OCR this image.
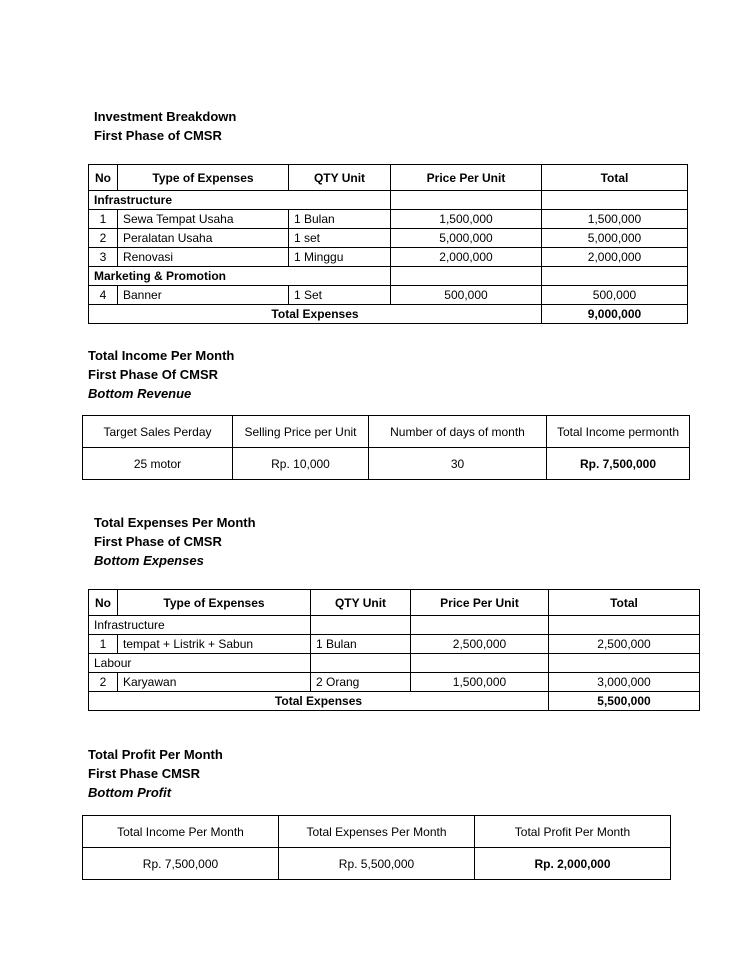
Investment Breakdown
First Phase of CMSR
No	Type of Expenses	QTY Unit	Price Per Unit	Total
Infrastructure				
1	Sewa Tempat Usaha	1 Bulan	1,500,000	1,500,000
2	Peralatan Usaha	1 set	5,000,000	5,000,000
3	Renovasi	1 Minggu	2,000,000	2,000,000
Marketing & Promotion				
4	Banner	1 Set	500,000	500,000
Total Expenses				9,000,000
Total Income Per Month
First Phase Of CMSR
Bottom Revenue
Target Sales Perday	Selling Price per Unit	Number of days of month	Total Income permonth
25 motor	Rp. 10,000	30	Rp. 7,500,000
Total Expenses Per Month
First Phase of CMSR
Bottom Expenses
No	Type of Expenses	QTY Unit	Price Per Unit	Total
Infrastructure				
1	tempat + Listrik + Sabun	1 Bulan	2,500,000	2,500,000
Labour				
2	Karyawan	2 Orang	1,500,000	3,000,000
Total Expenses				5,500,000
Total Profit Per Month
First Phase CMSR
Bottom Profit
Total Income Per Month	Total Expenses Per Month	Total Profit Per Month
Rp. 7,500,000	Rp. 5,500,000	Rp. 2,000,000
